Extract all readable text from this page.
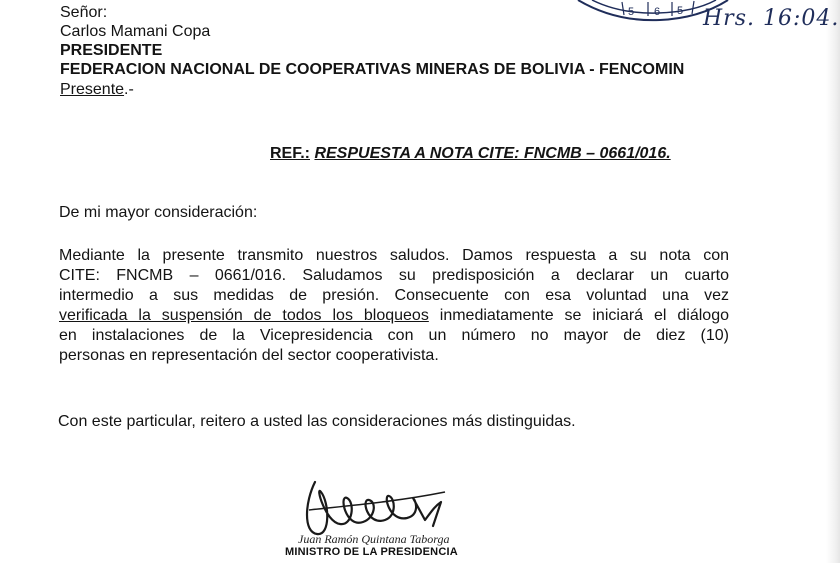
5 6 5 Hrs. 16:04.
Señor:
Carlos Mamani Copa
PRESIDENTE
FEDERACION NACIONAL DE COOPERATIVAS MINERAS DE BOLIVIA - FENCOMIN
Presente.-
REF.: RESPUESTA A NOTA CITE: FNCMB – 0661/016.
De mi mayor consideración:
Mediante la presente transmito nuestros saludos. Damos respuesta a su nota con
CITE: FNCMB – 0661/016. Saludamos su predisposición a declarar un cuarto
intermedio a sus medidas de presión. Consecuente con esa voluntad una vez
verificada la suspensión de todos los bloqueos inmediatamente se iniciará el diálogo
en instalaciones de la Vicepresidencia con un número no mayor de diez (10)
personas en representación del sector cooperativista.
Con este particular, reitero a usted las consideraciones más distinguidas.
Juan Ramón Quintana Taborga
MINISTRO DE LA PRESIDENCIA
